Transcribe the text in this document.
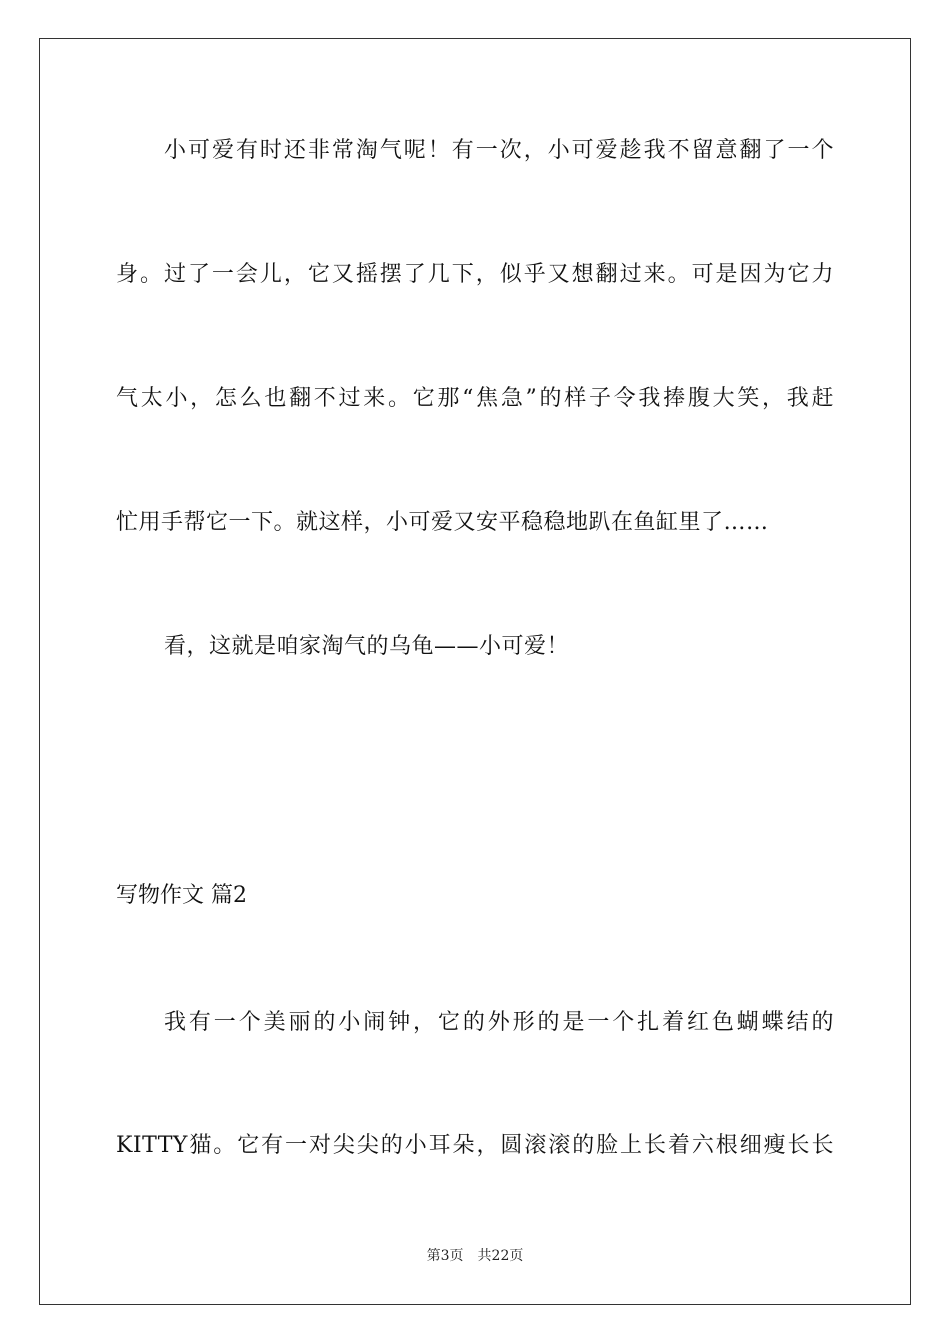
小可爱有时还非常淘气呢！有一次，小可爱趁我不留意翻了一个
身。过了一会儿，它又摇摆了几下，似乎又想翻过来。可是因为它力
气太小，怎么也翻不过来。它那“焦急”的样子令我捧腹大笑，我赶
忙用手帮它一下。就这样，小可爱又安平稳稳地趴在鱼缸里了……
看，这就是咱家淘气的乌龟——小可爱！
写物作文 篇2
我有一个美丽的小闹钟，它的外形的是一个扎着红色蝴蝶结的
KITTY猫。它有一对尖尖的小耳朵，圆滚滚的脸上长着六根细瘦长长
第3页 共22页
